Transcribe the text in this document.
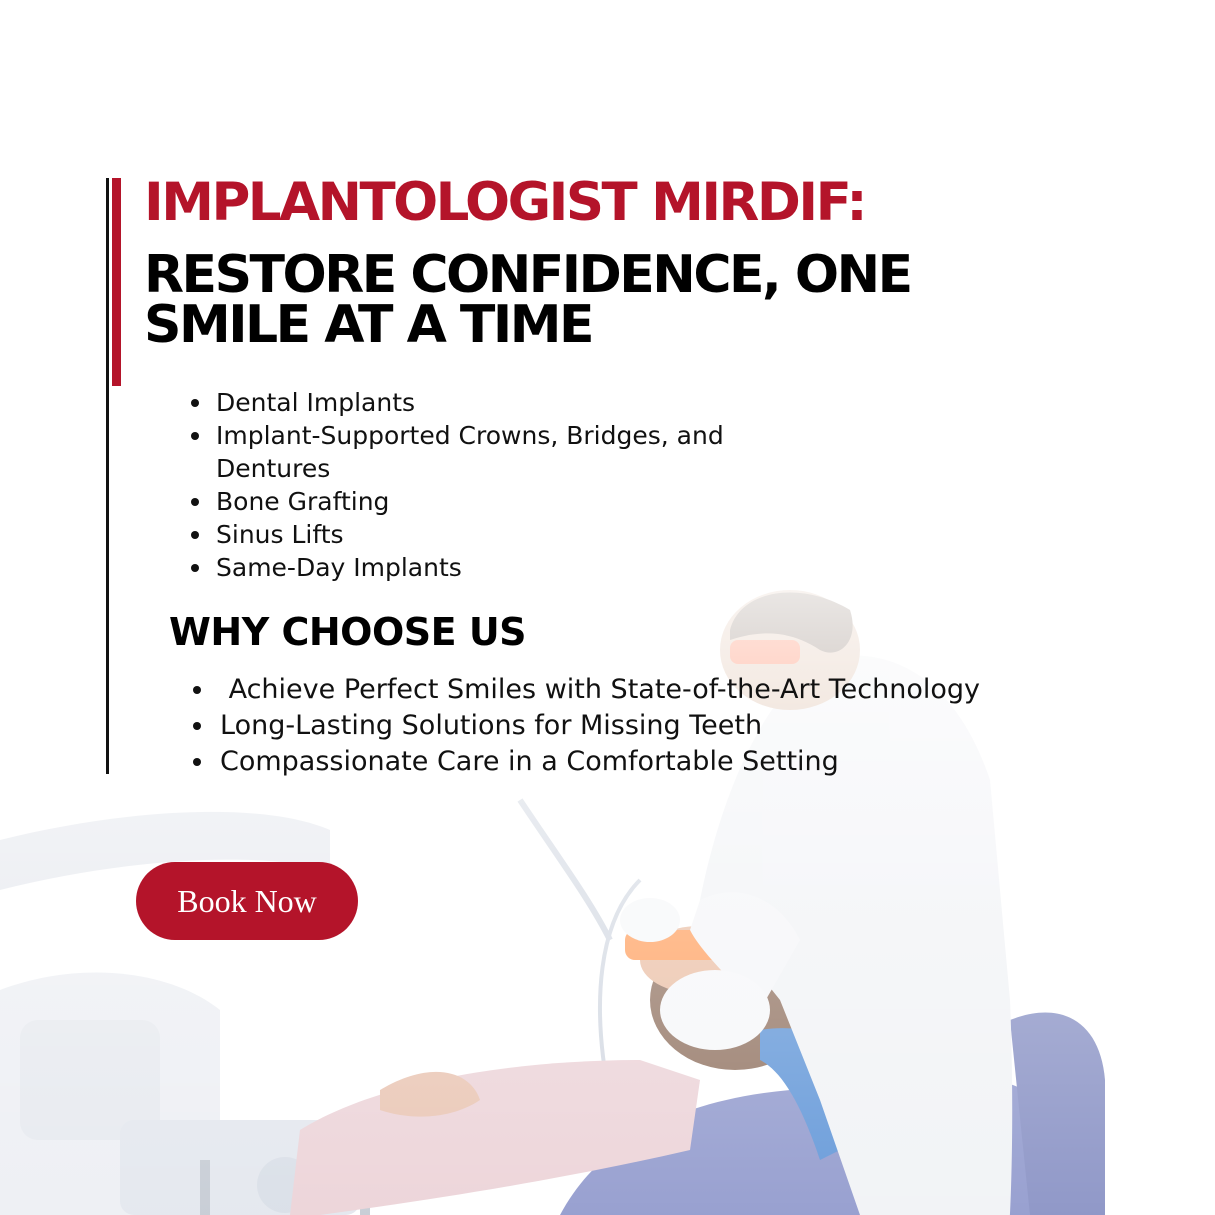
IMPLANTOLOGIST MIRDIF:
RESTORE CONFIDENCE, ONE SMILE AT A TIME
Dental Implants
Implant-Supported Crowns, Bridges, and Dentures
Bone Grafting
Sinus Lifts
Same-Day Implants
WHY CHOOSE US
Achieve Perfect Smiles with State-of-the-Art Technology
Long-Lasting Solutions for Missing Teeth
Compassionate Care in a Comfortable Setting
Book Now
